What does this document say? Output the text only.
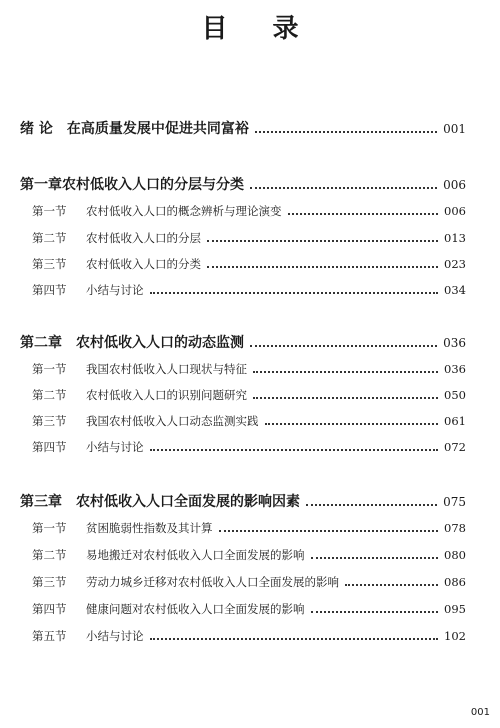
目 录
绪 论 在高质量发展中促进共同富裕	001
第一章 农村低收入人口的分层与分类	006
第一节	农村低收入人口的概念辨析与理论演变	006
第二节	农村低收入人口的分层	013
第三节	农村低收入人口的分类	023
第四节	小结与讨论	034
第二章 农村低收入人口的动态监测	036
第一节	我国农村低收入人口现状与特征	036
第二节	农村低收入人口的识别问题研究	050
第三节	我国农村低收入人口动态监测实践	061
第四节	小结与讨论	072
第三章 农村低收入人口全面发展的影响因素	075
第一节	贫困脆弱性指数及其计算	078
第二节	易地搬迁对农村低收入人口全面发展的影响	080
第三节	劳动力城乡迁移对农村低收入人口全面发展的影响	086
第四节	健康问题对农村低收入人口全面发展的影响	095
第五节	小结与讨论	102
001
